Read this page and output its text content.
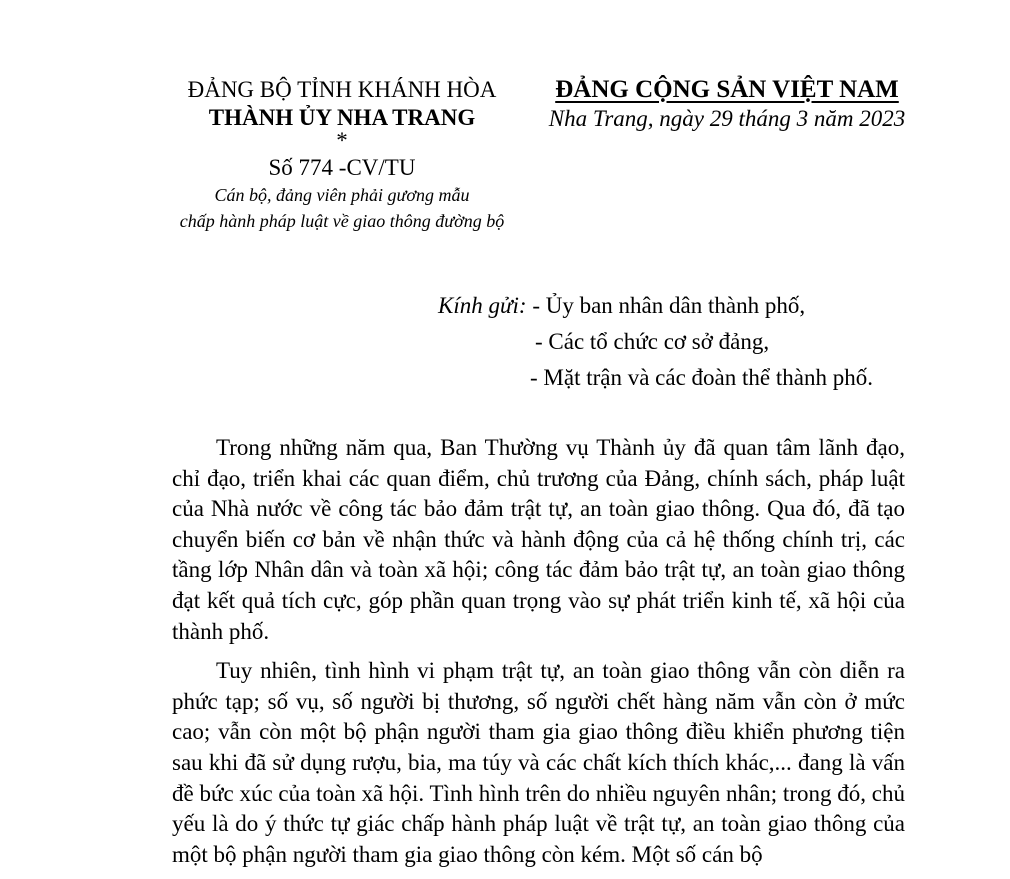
ĐẢNG BỘ TỈNH KHÁNH HÒA
THÀNH ỦY NHA TRANG
*
Số 774 -CV/TU
Cán bộ, đảng viên phải gương mẫu
chấp hành pháp luật về giao thông đường bộ
ĐẢNG CỘNG SẢN VIỆT NAM
Nha Trang, ngày 29 tháng 3 năm 2023
Kính gửi: - Ủy ban nhân dân thành phố,
- Các tổ chức cơ sở đảng,
- Mặt trận và các đoàn thể thành phố.

Trong những năm qua, Ban Thường vụ Thành ủy đã quan tâm lãnh đạo, chỉ đạo, triển khai các quan điểm, chủ trương của Đảng, chính sách, pháp luật của Nhà nước về công tác bảo đảm trật tự, an toàn giao thông. Qua đó, đã tạo chuyển biến cơ bản về nhận thức và hành động của cả hệ thống chính trị, các tầng lớp Nhân dân và toàn xã hội; công tác đảm bảo trật tự, an toàn giao thông đạt kết quả tích cực, góp phần quan trọng vào sự phát triển kinh tế, xã hội của thành phố.

Tuy nhiên, tình hình vi phạm trật tự, an toàn giao thông vẫn còn diễn ra phức tạp; số vụ, số người bị thương, số người chết hàng năm vẫn còn ở mức cao; vẫn còn một bộ phận người tham gia giao thông điều khiển phương tiện sau khi đã sử dụng rượu, bia, ma túy và các chất kích thích khác,... đang là vấn đề bức xúc của toàn xã hội. Tình hình trên do nhiều nguyên nhân; trong đó, chủ yếu là do ý thức tự giác chấp hành pháp luật về trật tự, an toàn giao thông của một bộ phận người tham gia giao thông còn kém. Một số cán bộ
